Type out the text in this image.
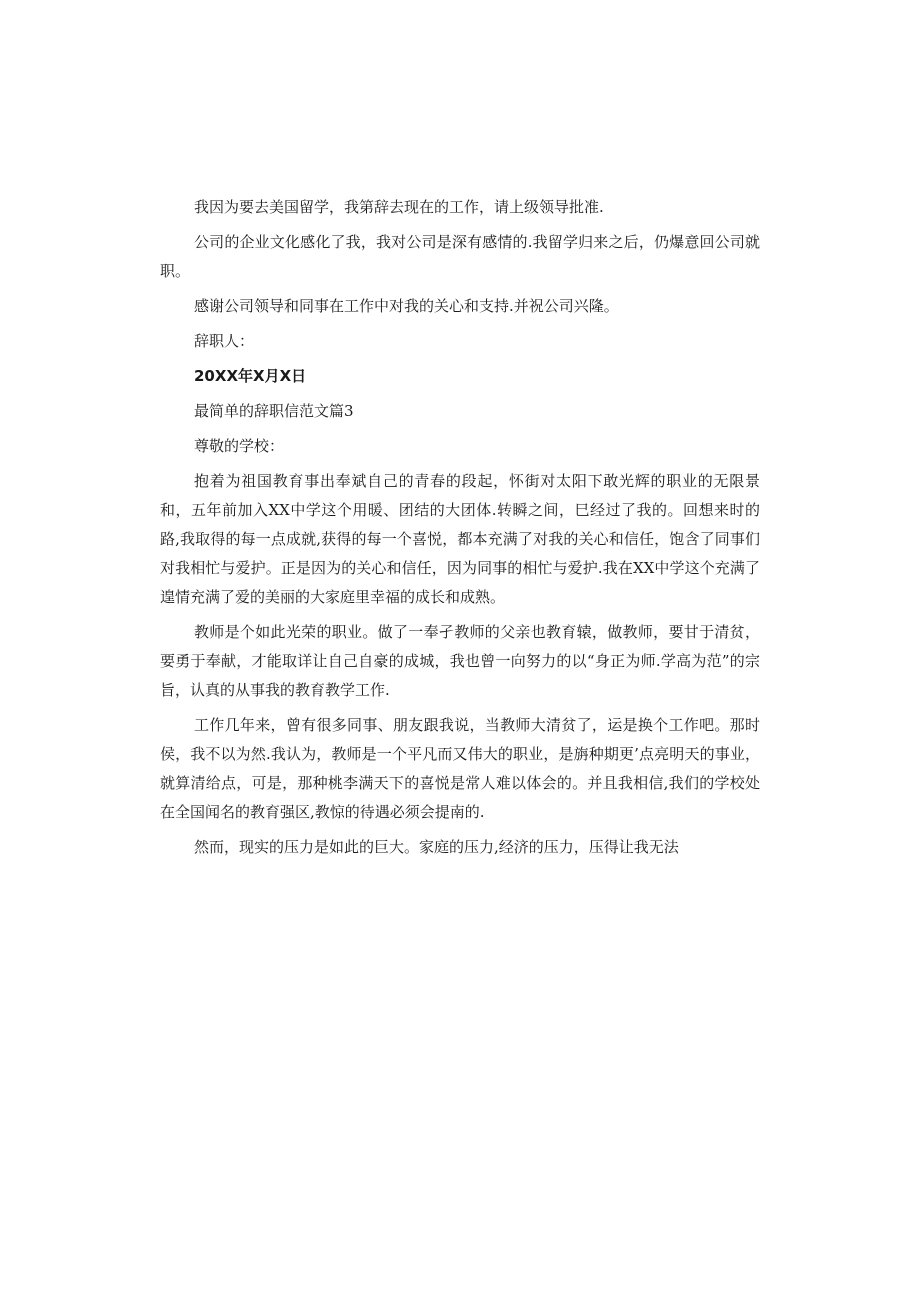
我因为要去美国留学，我第辞去现在的工作，请上级领导批准.

公司的企业文化感化了我，我对公司是深有感情的.我留学归来之后，仍爆意回公司就职。

感谢公司领导和同事在工作中对我的关心和支持.并祝公司兴隆。

辞职人：

20XX年X月X日

最简单的辞职信范文篇3

尊敬的学校：

抱着为祖国教育事出奉斌自己的青春的段起，怀街对太阳下敢光辉的职业的无限景和，五年前加入XX中学这个用暖、团结的大团体.转瞬之间，巳经过了我的。回想来时的路,我取得的每一点成就,获得的每一个喜悦，都本充满了对我的关心和信任，饱含了同事们对我相忙与爱护。正是因为的关心和信任，因为同事的相忙与爱护.我在XX中学这个充满了遑情充满了爱的美丽的大家庭里幸福的成长和成熟。

教师是个如此光荣的职业。做了一奉孑教师的父亲也教育辕，做教师，要甘于清贫，要勇于奉献，才能取详让自己自豪的成城，我也曾一向努力的以“身正为师.学高为范”的宗旨，认真的从事我的教育教学工作.

工作几年来，曾有很多同事、朋友跟我说，当教师大清贫了，运是换个工作吧。那时侯，我不以为然.我认为，教师是一个平凡而又伟大的职业，是旃种期更’点亮明天的事业，就算清给点，可是，那种桃李满天下的喜悦是常人难以体会的。并且我相信,我们的学校处在全国闻名的教育强区,教惊的待遇必须会提南的.

然而，现实的压力是如此的巨大。家庭的压力,经济的压力，压得让我无法
